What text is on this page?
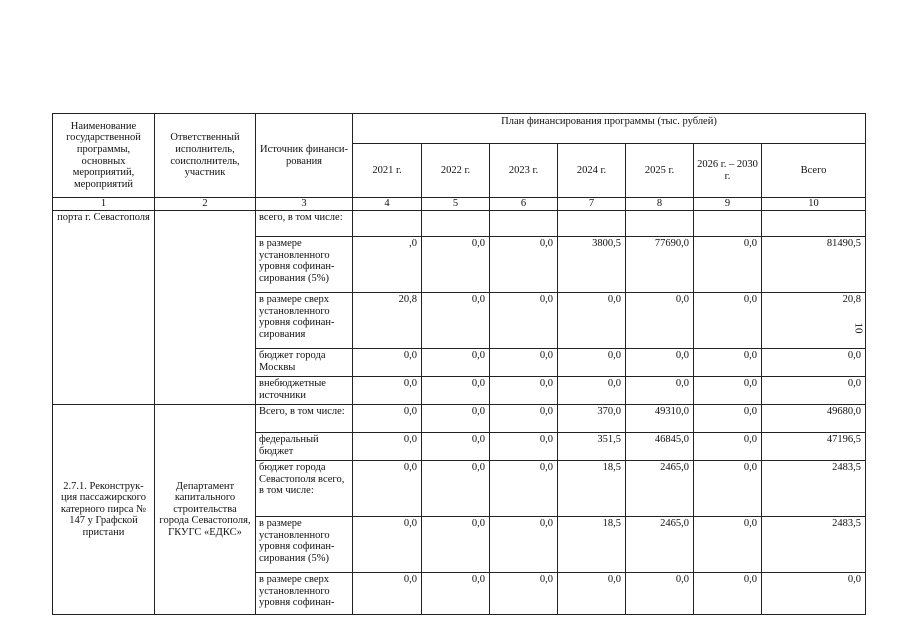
10
Наименование государственной программы, основных мероприятий, мероприятий	Ответственный исполнитель, соисполнитель, участник	Источник финанси-рования	План финансирования программы (тыс. рублей)						
			2021 г.	2022 г.	2023 г.	2024 г.	2025 г.	2026 г. – 2030 г.	Всего
1	2	3	4	5	6	7	8	9	10
порта г. Севастополя		всего, в том числе:							
		в размере установленного уровня софинан-сирования (5%)	,0	0,0	0,0	3800,5	77690,0	0,0	81490,5
		в размере сверх установленного уровня софинан-сирования	20,8	0,0	0,0	0,0	0,0	0,0	20,8
		бюджет города Москвы	0,0	0,0	0,0	0,0	0,0	0,0	0,0
		внебюджетные источники	0,0	0,0	0,0	0,0	0,0	0,0	0,0
2.7.1. Реконструк-ция пассажирского катерного пирса № 147 у Графской пристани	Департамент капитального строительства города Севастополя, ГКУГС «ЕДКС»	Всего, в том числе:	0,0	0,0	0,0	370,0	49310,0	0,0	49680,0
		федеральный бюджет	0,0	0,0	0,0	351,5	46845,0	0,0	47196,5
		бюджет города Севастополя всего, в том числе:	0,0	0,0	0,0	18,5	2465,0	0,0	2483,5
		в размере установленного уровня софинан-сирования (5%)	0,0	0,0	0,0	18,5	2465,0	0,0	2483,5
		в размере сверх установленного уровня софинан-	0,0	0,0	0,0	0,0	0,0	0,0	0,0
